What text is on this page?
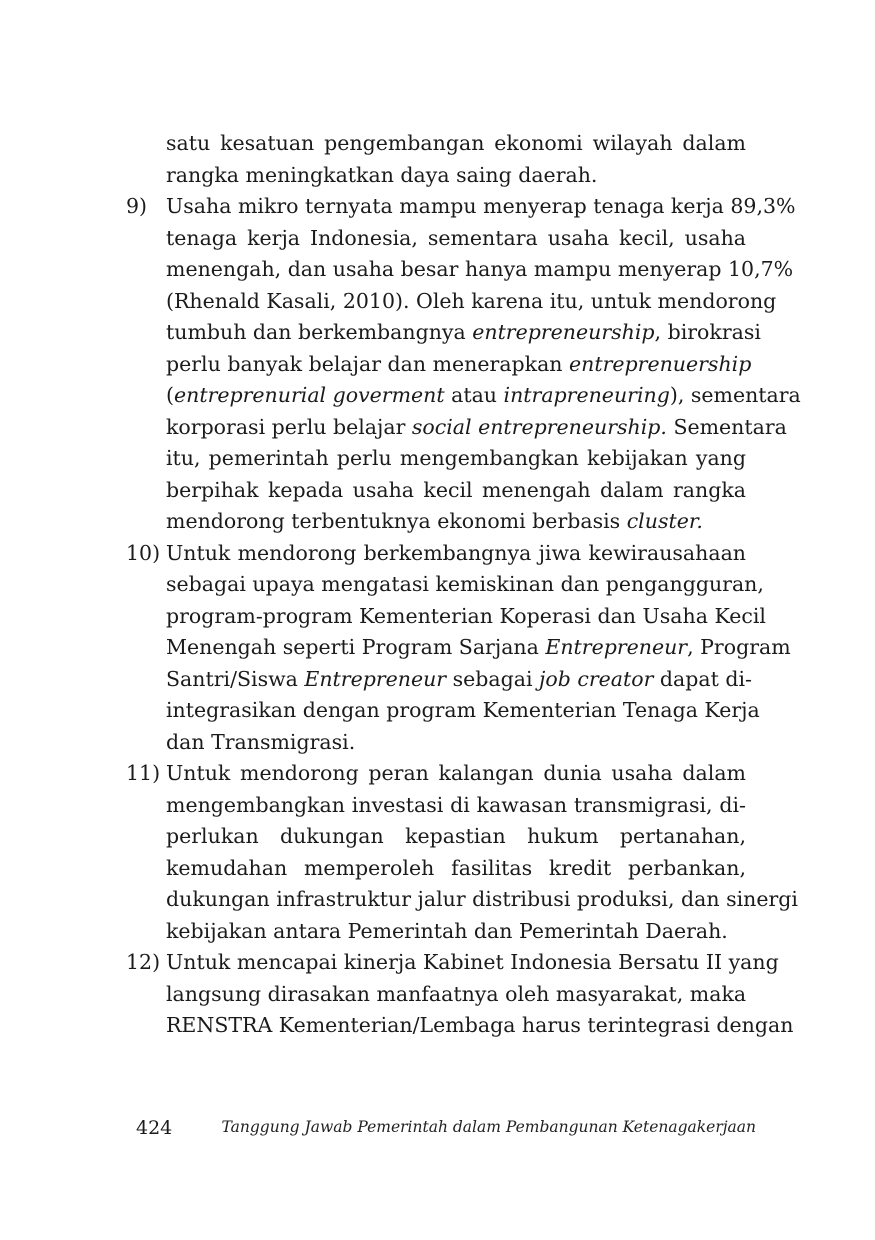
satu kesatuan pengembangan ekonomi wilayah dalam
rangka meningkatkan daya saing daerah.
9) Usaha mikro ternyata mampu menyerap tenaga kerja 89,3%
tenaga kerja Indonesia, sementara usaha kecil, usaha
menengah, dan usaha besar hanya mampu menyerap 10,7%
(Rhenald Kasali, 2010). Oleh karena itu, untuk mendorong
tumbuh dan berkembangnya entrepreneurship, birokrasi
perlu banyak belajar dan menerapkan entreprenuership
(entreprenurial goverment atau intrapreneuring), sementara
korporasi perlu belajar social entrepreneurship. Sementara
itu, pemerintah perlu mengembangkan kebijakan yang
berpihak kepada usaha kecil menengah dalam rangka
mendorong terbentuknya ekonomi berbasis cluster.
10) Untuk mendorong berkembangnya jiwa kewirausahaan
sebagai upaya mengatasi kemiskinan dan pengangguran,
program-program Kementerian Koperasi dan Usaha Kecil
Menengah seperti Program Sarjana Entrepreneur, Program
Santri/Siswa Entrepreneur sebagai job creator dapat di-
integrasikan dengan program Kementerian Tenaga Kerja
dan Transmigrasi.
11) Untuk mendorong peran kalangan dunia usaha dalam
mengembangkan investasi di kawasan transmigrasi, di-
perlukan dukungan kepastian hukum pertanahan,
kemudahan memperoleh fasilitas kredit perbankan,
dukungan infrastruktur jalur distribusi produksi, dan sinergi
kebijakan antara Pemerintah dan Pemerintah Daerah.
12) Untuk mencapai kinerja Kabinet Indonesia Bersatu II yang
langsung dirasakan manfaatnya oleh masyarakat, maka
RENSTRA Kementerian/Lembaga harus terintegrasi dengan
424	Tanggung Jawab Pemerintah dalam Pembangunan Ketenagakerjaan
